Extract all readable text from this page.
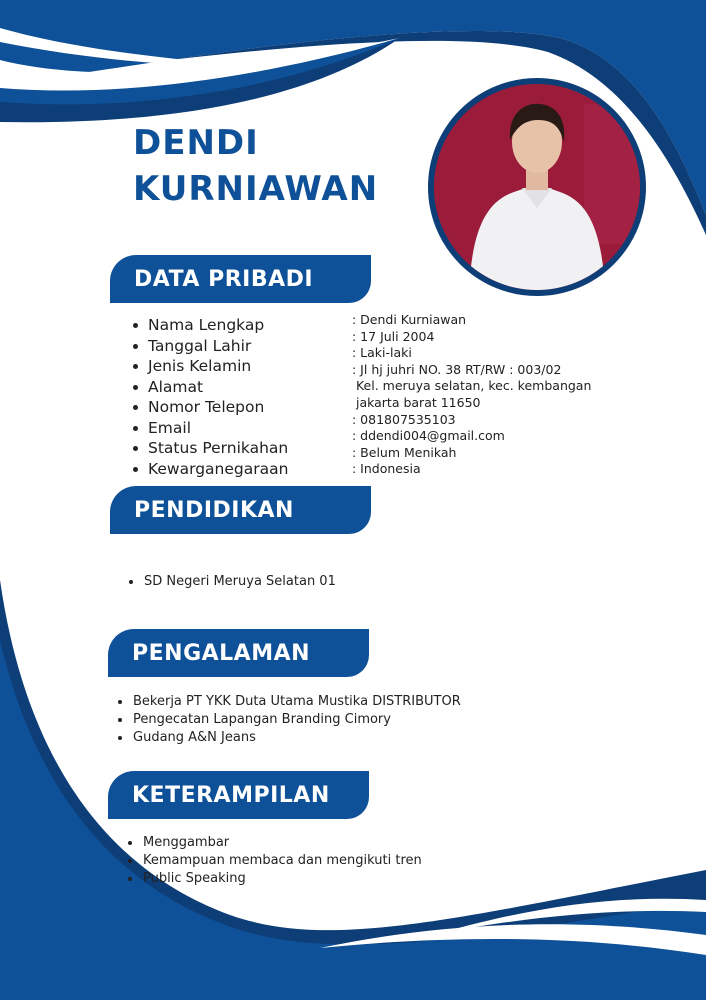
DENDI
KURNIAWAN
DATA PRIBADI
Nama Lengkap
Tanggal Lahir
Jenis Kelamin
Alamat
Nomor Telepon
Email
Status Pernikahan
Kewarganegaraan
: Dendi Kurniawan
: 17 Juli 2004
: Laki-laki
: Jl hj juhri NO. 38 RT/RW : 003/02
Kel. meruya selatan, kec. kembangan
jakarta barat 11650
: 081807535103
: ddendi004@gmail.com
: Belum Menikah
: Indonesia
PENDIDIKAN
SD Negeri Meruya Selatan 01
PENGALAMAN
Bekerja PT YKK Duta Utama Mustika DISTRIBUTOR
Pengecatan Lapangan Branding Cimory
Gudang A&N Jeans
KETERAMPILAN
Menggambar
Kemampuan membaca dan mengikuti tren
Public Speaking
